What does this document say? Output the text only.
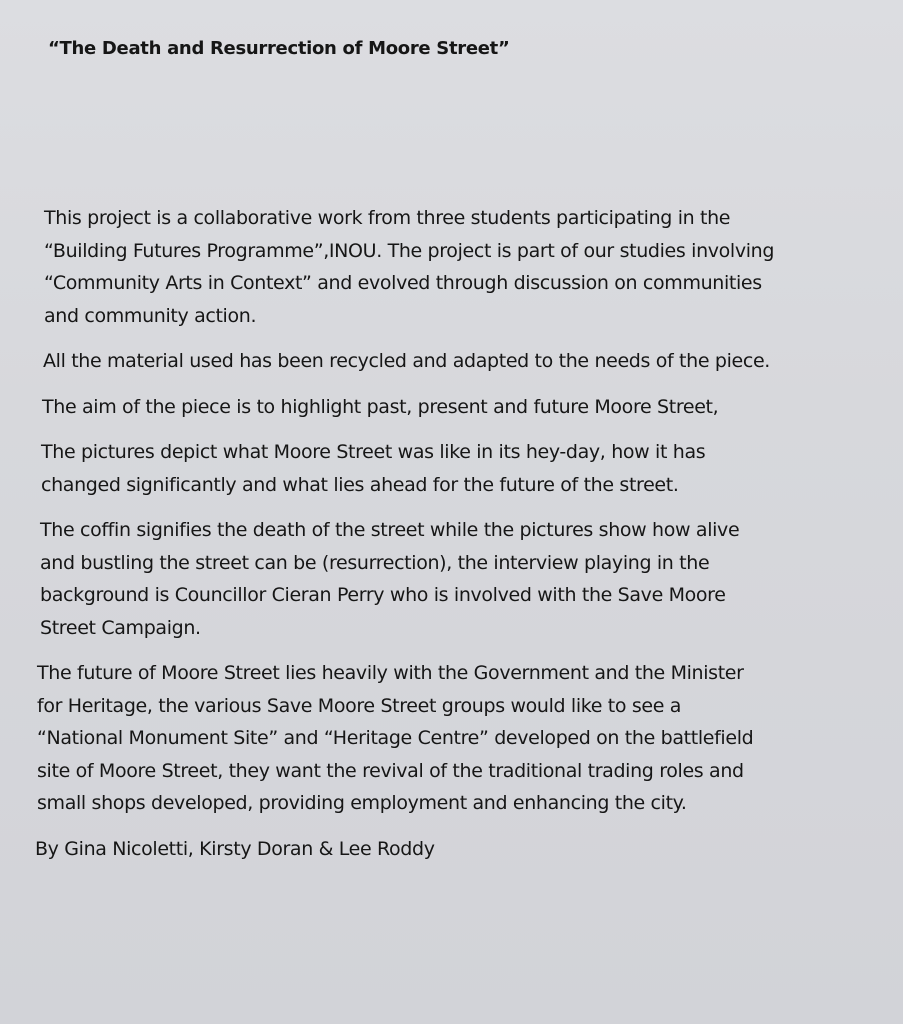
“The Death and Resurrection of Moore Street”

This project is a collaborative work from three students participating in the
“Building Futures Programme”,INOU. The project is part of our studies involving
“Community Arts in Context” and evolved through discussion on communities
and community action.

All the material used has been recycled and adapted to the needs of the piece.

The aim of the piece is to highlight past, present and future Moore Street,

The pictures depict what Moore Street was like in its hey-day, how it has
changed significantly and what lies ahead for the future of the street.

The coffin signifies the death of the street while the pictures show how alive
and bustling the street can be (resurrection), the interview playing in the
background is Councillor Cieran Perry who is involved with the Save Moore
Street Campaign.

The future of Moore Street lies heavily with the Government and the Minister
for Heritage, the various Save Moore Street groups would like to see a
“National Monument Site” and “Heritage Centre” developed on the battlefield
site of Moore Street, they want the revival of the traditional trading roles and
small shops developed, providing employment and enhancing the city.

By Gina Nicoletti, Kirsty Doran & Lee Roddy
